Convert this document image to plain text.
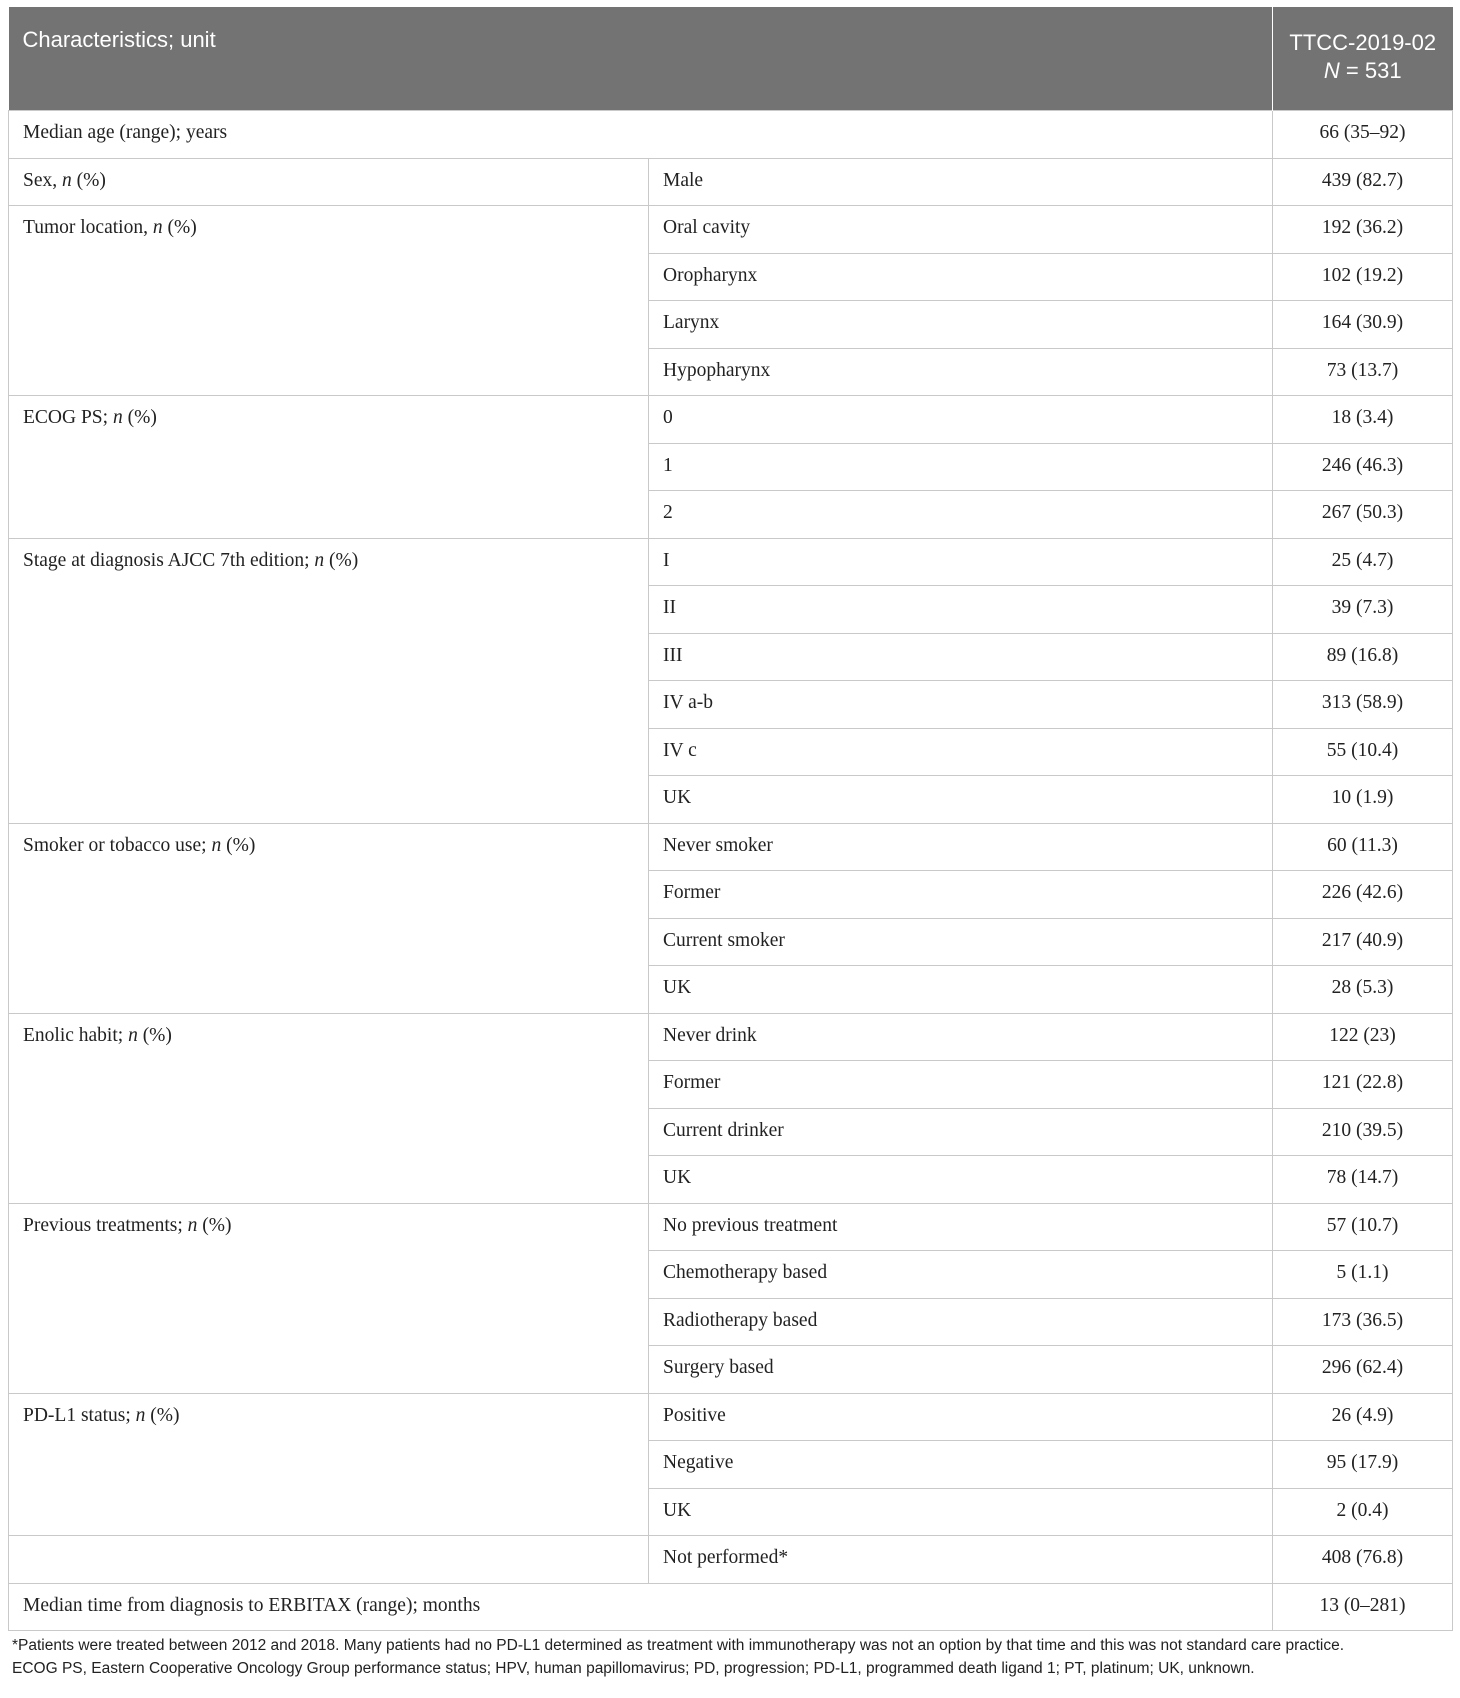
Characteristics; unit		TTCC-2019-02
N = 531

Median age (range); years		66 (35–92)
Sex, n (%)	Male	439 (82.7)
Tumor location, n (%)	Oral cavity	192 (36.2)
	Oropharynx	102 (19.2)
	Larynx	164 (30.9)
	Hypopharynx	73 (13.7)
ECOG PS; n (%)	0	18 (3.4)
	1	246 (46.3)
	2	267 (50.3)
Stage at diagnosis AJCC 7th edition; n (%)	I	25 (4.7)
	II	39 (7.3)
	III	89 (16.8)
	IV a-b	313 (58.9)
	IV c	55 (10.4)
	UK	10 (1.9)
Smoker or tobacco use; n (%)	Never smoker	60 (11.3)
	Former	226 (42.6)
	Current smoker	217 (40.9)
	UK	28 (5.3)
Enolic habit; n (%)	Never drink	122 (23)
	Former	121 (22.8)
	Current drinker	210 (39.5)
	UK	78 (14.7)
Previous treatments; n (%)	No previous treatment	57 (10.7)
	Chemotherapy based	5 (1.1)
	Radiotherapy based	173 (36.5)
	Surgery based	296 (62.4)
PD-L1 status; n (%)	Positive	26 (4.9)
	Negative	95 (17.9)
	UK	2 (0.4)
	Not performed*	408 (76.8)
Median time from diagnosis to ERBITAX (range); months		13 (0–281)
*Patients were treated between 2012 and 2018. Many patients had no PD-L1 determined as treatment with immunotherapy was not an option by that time and this was not standard care practice.
ECOG PS, Eastern Cooperative Oncology Group performance status; HPV, human papillomavirus; PD, progression; PD-L1, programmed death ligand 1; PT, platinum; UK, unknown.
